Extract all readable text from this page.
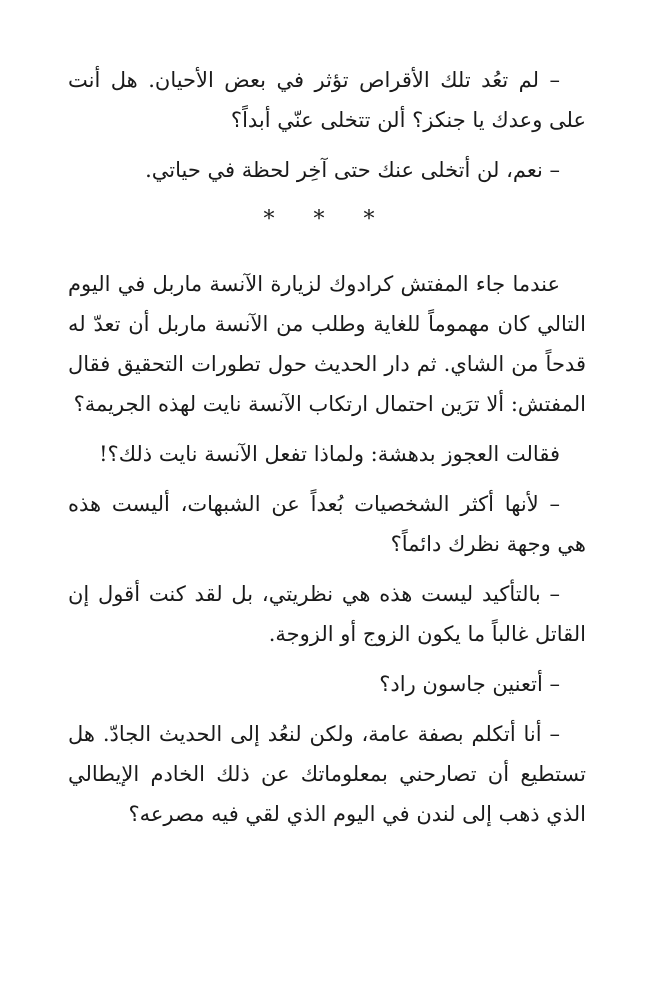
– لم تعُد تلك الأقراص تؤثر في بعض الأحيان. هل أنت على وعدك يا جنكز؟ ألن تتخلى عنّي أبداً؟

– نعم، لن أتخلى عنك حتى آخِر لحظة في حياتي.

* * *

عندما جاء المفتش كرادوك لزيارة الآنسة ماربل في اليوم التالي كان مهموماً للغاية وطلب من الآنسة ماربل أن تعدّ له قدحاً من الشاي. ثم دار الحديث حول تطورات التحقيق فقال المفتش: ألا ترَين احتمال ارتكاب الآنسة نايت لهذه الجريمة؟

فقالت العجوز بدهشة: ولماذا تفعل الآنسة نايت ذلك؟!

– لأنها أكثر الشخصيات بُعداً عن الشبهات، أليست هذه هي وجهة نظرك دائماً؟

– بالتأكيد ليست هذه هي نظريتي، بل لقد كنت أقول إن القاتل غالباً ما يكون الزوج أو الزوجة.

– أتعنين جاسون راد؟

– أنا أتكلم بصفة عامة، ولكن لنعُد إلى الحديث الجادّ. هل تستطيع أن تصارحني بمعلوماتك عن ذلك الخادم الإيطالي الذي ذهب إلى لندن في اليوم الذي لقي فيه مصرعه؟
